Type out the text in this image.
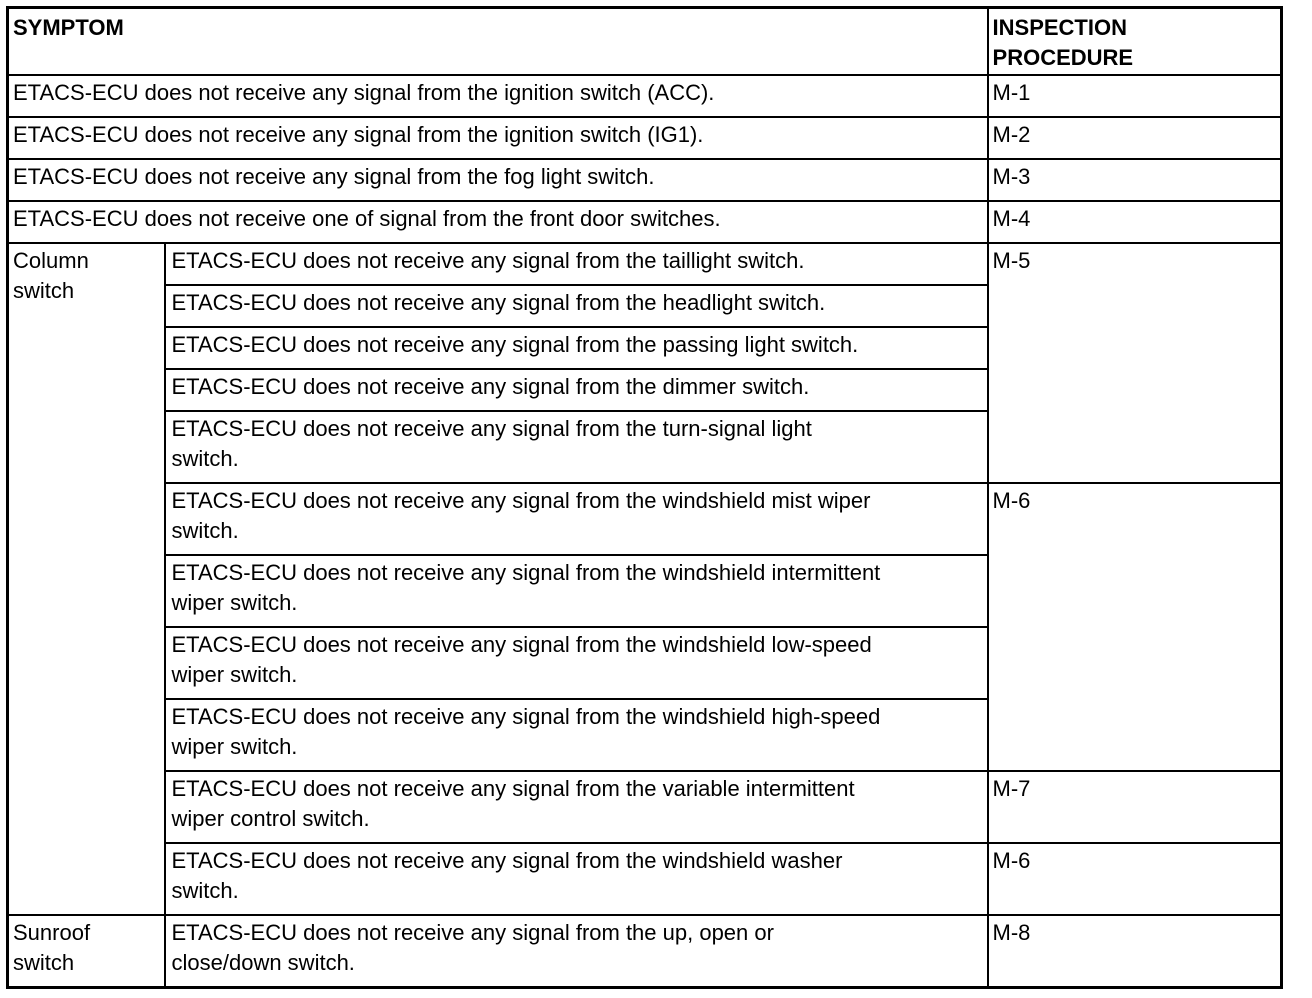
SYMPTOM		INSPECTION
PROCEDURE
ETACS-ECU does not receive any signal from the ignition switch (ACC).		M-1
ETACS-ECU does not receive any signal from the ignition switch (IG1).		M-2
ETACS-ECU does not receive any signal from the fog light switch.		M-3
ETACS-ECU does not receive one of signal from the front door switches.		M-4
Column
switch	ETACS-ECU does not receive any signal from the taillight switch.	M-5
	ETACS-ECU does not receive any signal from the headlight switch.	
	ETACS-ECU does not receive any signal from the passing light switch.	
	ETACS-ECU does not receive any signal from the dimmer switch.	
	ETACS-ECU does not receive any signal from the turn-signal light
switch.	
	ETACS-ECU does not receive any signal from the windshield mist wiper
switch.	M-6
	ETACS-ECU does not receive any signal from the windshield intermittent
wiper switch.	
	ETACS-ECU does not receive any signal from the windshield low-speed
wiper switch.	
	ETACS-ECU does not receive any signal from the windshield high-speed
wiper switch.	
	ETACS-ECU does not receive any signal from the variable intermittent
wiper control switch.	M-7
	ETACS-ECU does not receive any signal from the windshield washer
switch.	M-6
Sunroof
switch	ETACS-ECU does not receive any signal from the up, open or
close/down switch.	M-8
